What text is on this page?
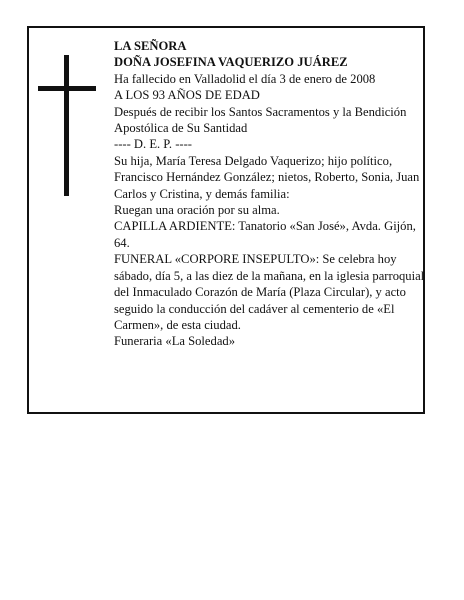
LA SEÑORA
DOÑA JOSEFINA VAQUERIZO JUÁREZ
Ha fallecido en Valladolid el día 3 de enero de 2008
A LOS 93 AÑOS DE EDAD
Después de recibir los Santos Sacramentos y la Bendición Apostólica de Su Santidad
---- D. E. P. ----
Su hija, María Teresa Delgado Vaquerizo; hijo político, Francisco Hernández González; nietos, Roberto, Sonia, Juan Carlos y Cristina, y demás familia:
Ruegan una oración por su alma.
CAPILLA ARDIENTE: Tanatorio «San José», Avda. Gijón, 64.
FUNERAL «CORPORE INSEPULTO»: Se celebra hoy sábado, día 5, a las diez de la mañana, en la iglesia parroquial del Inmaculado Corazón de María (Plaza Circular), y acto seguido la conducción del cadáver al cementerio de «El Carmen», de esta ciudad.
Funeraria «La Soledad»
